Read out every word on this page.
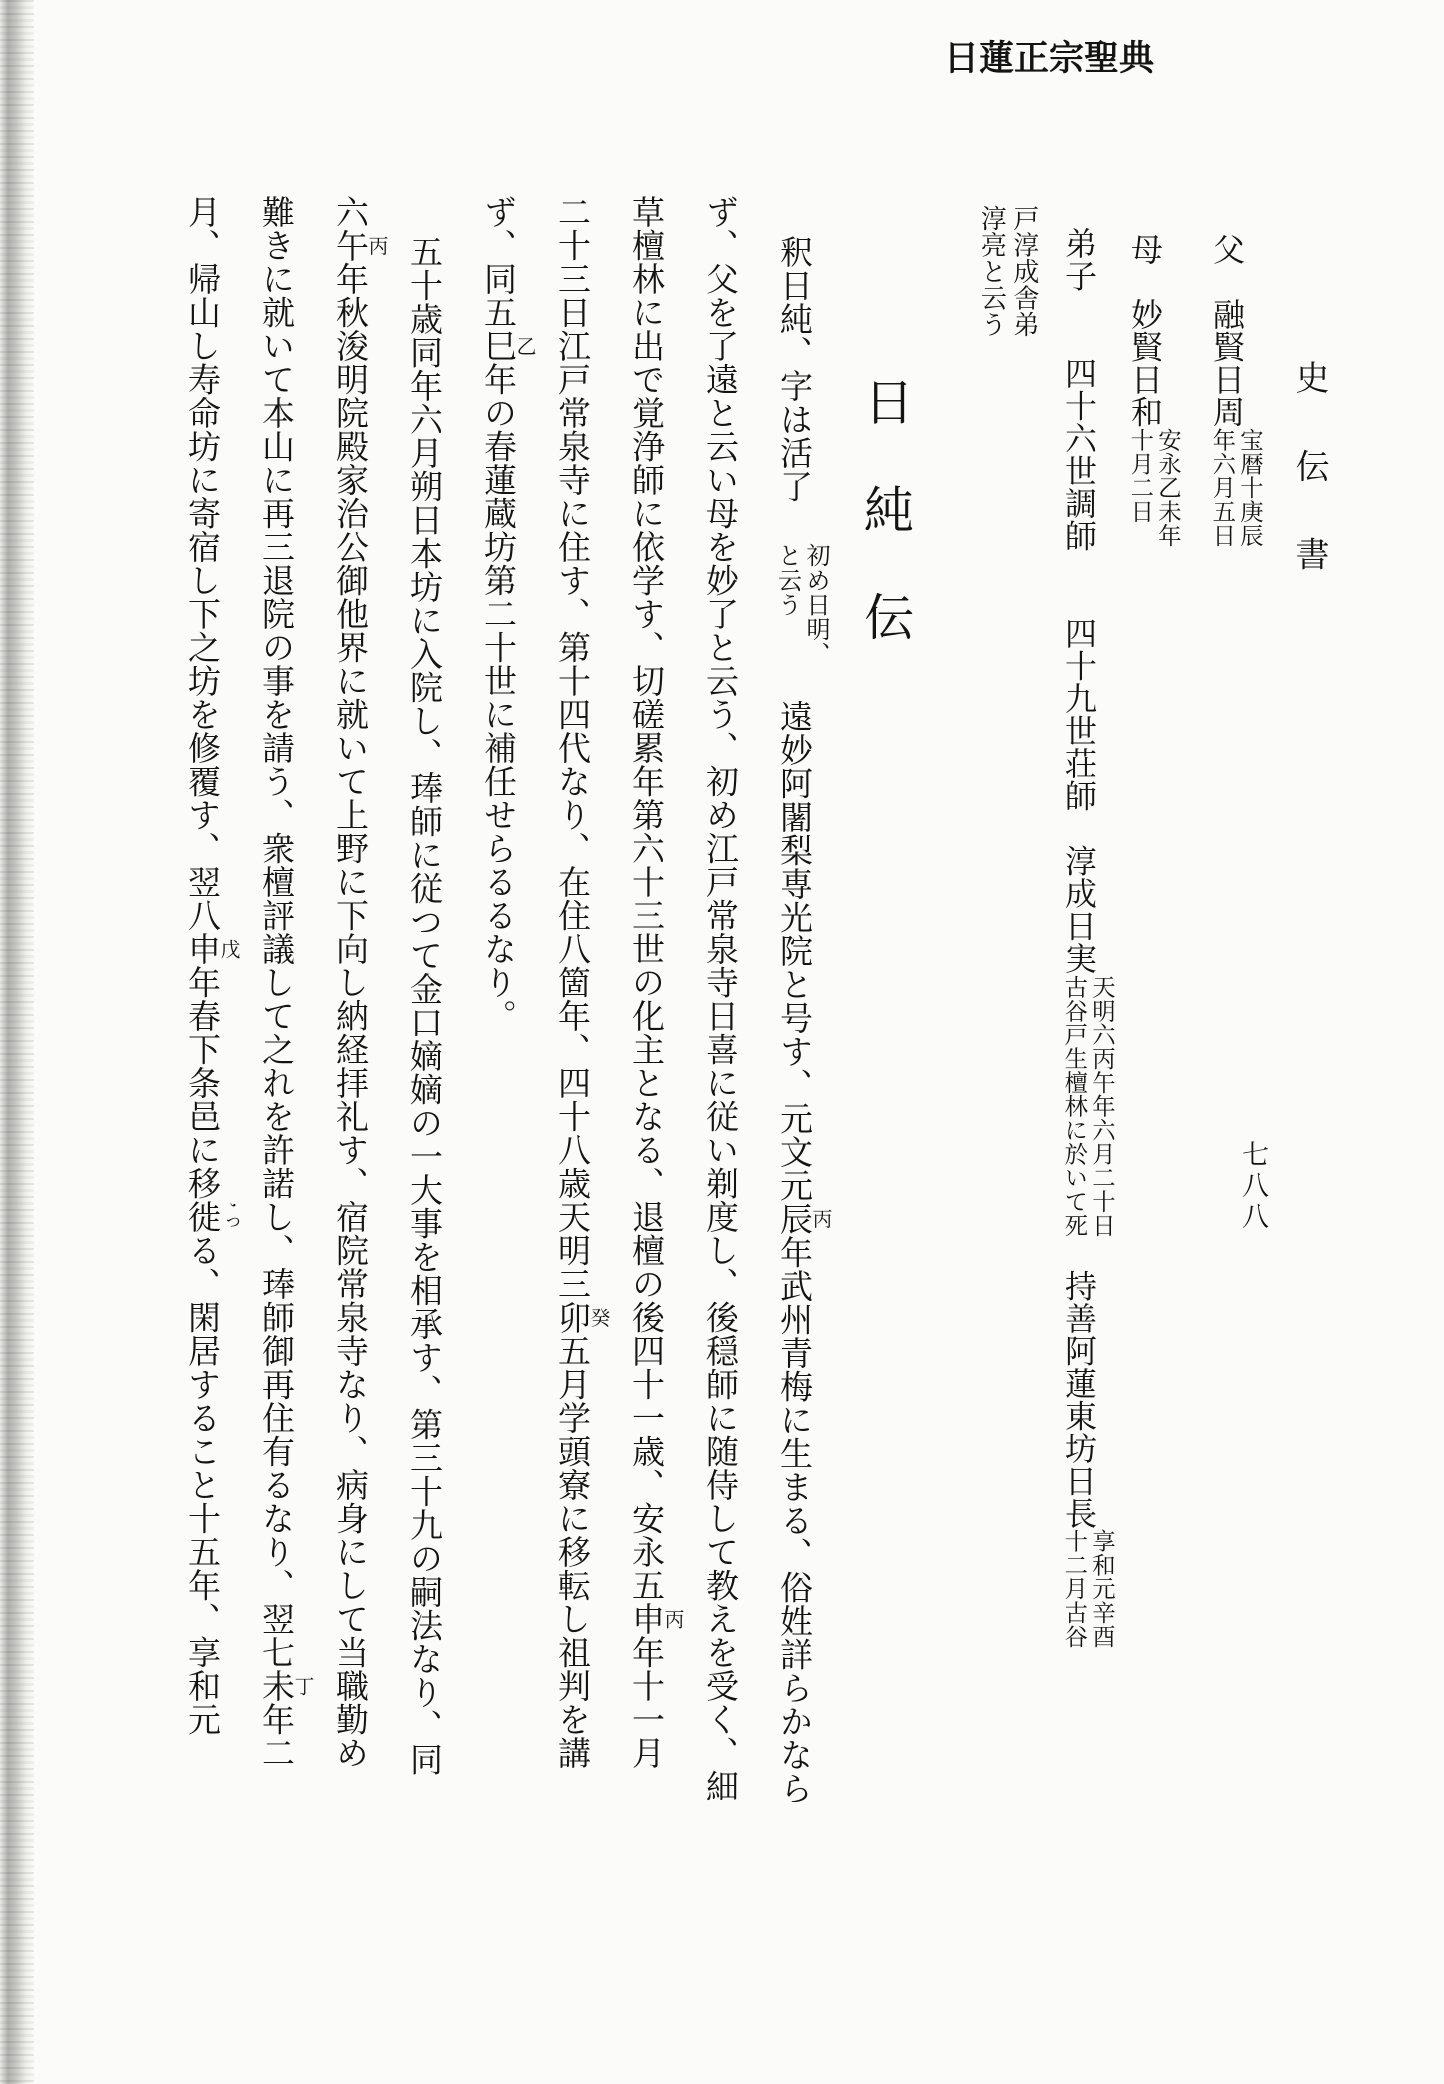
日蓮正宗聖典
史伝書
七八八
父　融賢日周
宝暦十庚辰
年六月五日
母　妙賢日和
安永乙未年
十月二日
弟子　　四十六世調師　　四十九世荘師　淳成日実
天明六丙午年六月二十日
古谷戸生檀林に於いて死
　持善阿蓮東坊日長
享和元辛酉
十二月古谷
戸淳成舎弟
淳亮と云う
日純伝
釈日純、字は活了
初め日明、
と云う
　遠妙阿闍梨専光院と号す、元文元辰丙年武州青梅に生まる、俗姓詳らかなら
ず、父を了遠と云い母を妙了と云う、初め江戸常泉寺日喜に従い剃度し、後穏師に随侍して教えを受く、細
草檀林に出で覚浄師に依学す、切磋累年第六十三世の化主となる、退檀の後四十一歳、安永五申丙年十一月
二十三日江戸常泉寺に住す、第十四代なり、在住八箇年、四十八歳天明三卯癸五月学頭寮に移転し祖判を講
ず、同五巳乙年の春蓮蔵坊第二十世に補任せらるるなり。
五十歳同年六月朔日本坊に入院し、琫師に従つて金口嫡嫡の一大事を相承す、第三十九の嗣法なり、同
六午丙年秋浚明院殿家治公御他界に就いて上野に下向し納経拝礼す、宿院常泉寺なり、病身にして当職勤め
難きに就いて本山に再三退院の事を請う、衆檀評議して之れを許諾し、琫師御再住有るなり、翌七未丁年二
月、帰山し寿命坊に寄宿し下之坊を修覆す、翌八申戊年春下条邑に移徙ʼっる、閑居すること十五年、享和元
